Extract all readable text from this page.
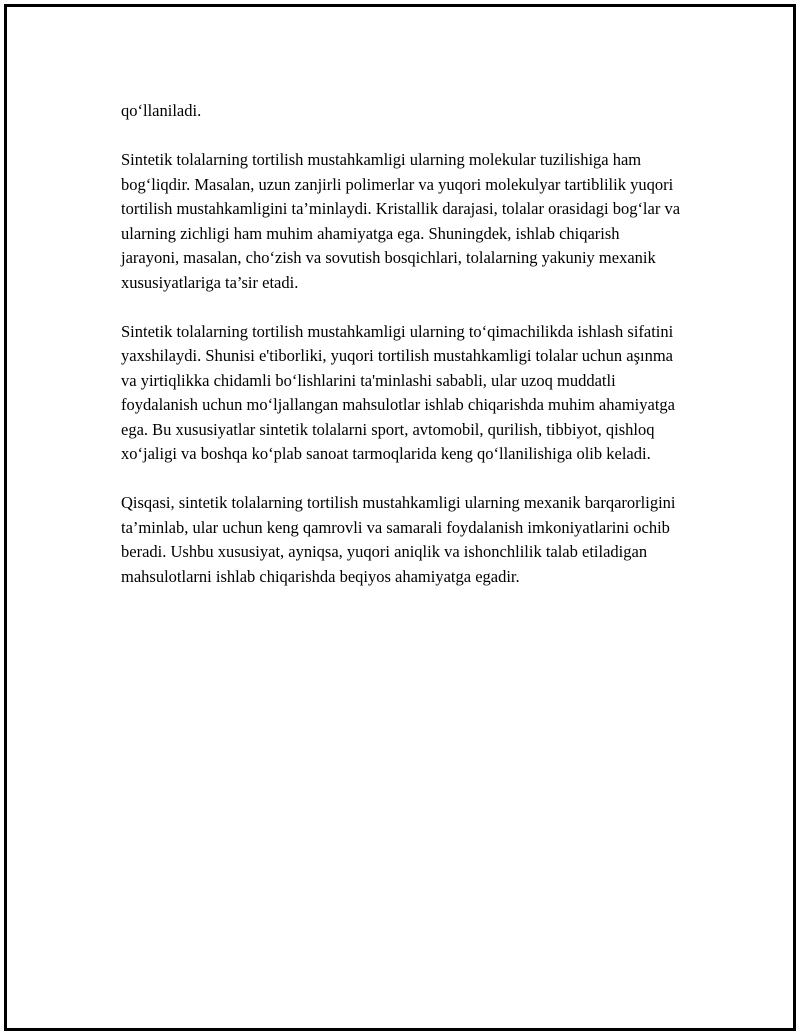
qo‘llaniladi.

Sintetik tolalarning tortilish mustahkamligi ularning molekular tuzilishiga ham bog‘liqdir. Masalan, uzun zanjirli polimerlar va yuqori molekulyar tartiblilik yuqori tortilish mustahkamligini ta’minlaydi. Kristallik darajasi, tolalar orasidagi bog‘lar va ularning zichligi ham muhim ahamiyatga ega. Shuningdek, ishlab chiqarish jarayoni, masalan, cho‘zish va sovutish bosqichlari, tolalarning yakuniy mexanik xususiyatlariga ta’sir etadi.

Sintetik tolalarning tortilish mustahkamligi ularning to‘qimachilikda ishlash sifatini yaxshilaydi. Shunisi e'tiborliki, yuqori tortilish mustahkamligi tolalar uchun aşınma va yirtiqlikka chidamli bo‘lishlarini ta'minlashi sababli, ular uzoq muddatli foydalanish uchun mo‘ljallangan mahsulotlar ishlab chiqarishda muhim ahamiyatga ega. Bu xususiyatlar sintetik tolalarni sport, avtomobil, qurilish, tibbiyot, qishloq xo‘jaligi va boshqa ko‘plab sanoat tarmoqlarida keng qo‘llanilishiga olib keladi.

Qisqasi, sintetik tolalarning tortilish mustahkamligi ularning mexanik barqarorligini ta’minlab, ular uchun keng qamrovli va samarali foydalanish imkoniyatlarini ochib beradi. Ushbu xususiyat, ayniqsa, yuqori aniqlik va ishonchlilik talab etiladigan mahsulotlarni ishlab chiqarishda beqiyos ahamiyatga egadir.
